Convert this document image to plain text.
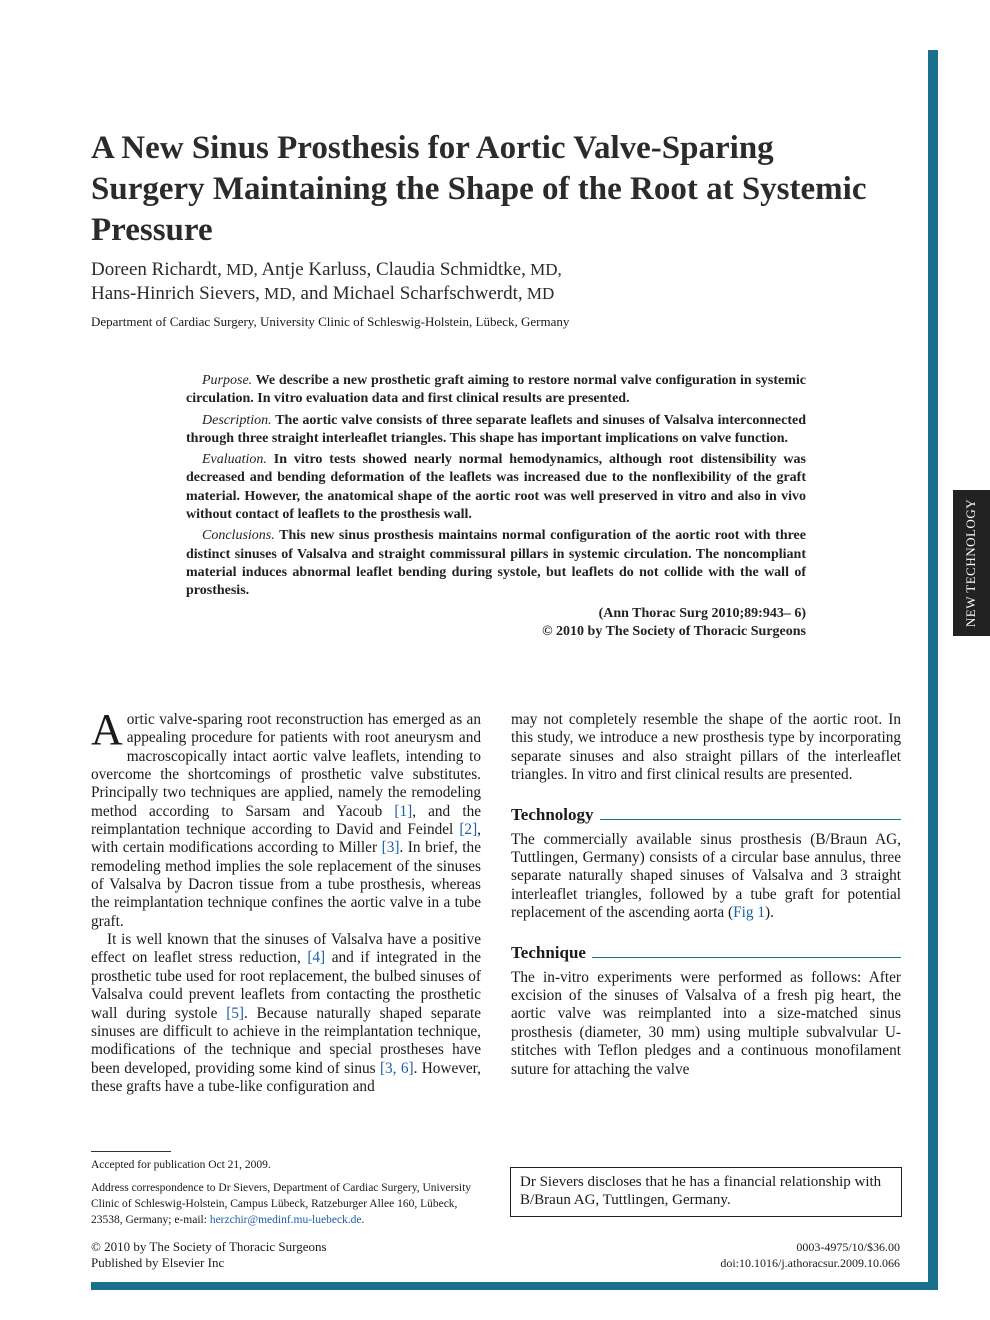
NEW TECHNOLOGY
A New Sinus Prosthesis for Aortic Valve-Sparing Surgery Maintaining the Shape of the Root at Systemic Pressure

Doreen Richardt, MD, Antje Karluss, Claudia Schmidtke, MD,
Hans-Hinrich Sievers, MD, and Michael Scharfschwerdt, MD

Department of Cardiac Surgery, University Clinic of Schleswig-Holstein, Lübeck, Germany

Purpose. We describe a new prosthetic graft aiming to restore normal valve configuration in systemic circulation. In vitro evaluation data and first clinical results are presented.

Description. The aortic valve consists of three separate leaflets and sinuses of Valsalva interconnected through three straight interleaflet triangles. This shape has important implications on valve function.

Evaluation. In vitro tests showed nearly normal hemodynamics, although root distensibility was decreased and bending deformation of the leaflets was increased due to the nonflexibility of the graft material. However, the anatomical shape of the aortic root was well preserved in vitro and also in vivo without contact of leaflets to the prosthesis wall.

Conclusions. This new sinus prosthesis maintains normal configuration of the aortic root with three distinct sinuses of Valsalva and straight commissural pillars in systemic circulation. The noncompliant material induces abnormal leaflet bending during systole, but leaflets do not collide with the wall of prosthesis.

(Ann Thorac Surg 2010;89:943– 6)
© 2010 by The Society of Thoracic Surgeons

Aortic valve-sparing root reconstruction has emerged as an appealing procedure for patients with root aneurysm and macroscopically intact aortic valve leaflets, intending to overcome the shortcomings of prosthetic valve substitutes. Principally two techniques are applied, namely the remodeling method according to Sarsam and Yacoub [1], and the reimplantation technique according to David and Feindel [2], with certain modifications according to Miller [3]. In brief, the remodeling method implies the sole replacement of the sinuses of Valsalva by Dacron tissue from a tube prosthesis, whereas the reimplantation technique confines the aortic valve in a tube graft.

It is well known that the sinuses of Valsalva have a positive effect on leaflet stress reduction, [4] and if integrated in the prosthetic tube used for root replacement, the bulbed sinuses of Valsalva could prevent leaflets from contacting the prosthetic wall during systole [5]. Because naturally shaped separate sinuses are difficult to achieve in the reimplantation technique, modifications of the technique and special prostheses have been developed, providing some kind of sinus [3, 6]. However, these grafts have a tube-like configuration and

may not completely resemble the shape of the aortic root. In this study, we introduce a new prosthesis type by incorporating separate sinuses and also straight pillars of the interleaflet triangles. In vitro and first clinical results are presented.

Technology

The commercially available sinus prosthesis (B/Braun AG, Tuttlingen, Germany) consists of a circular base annulus, three separate naturally shaped sinuses of Valsalva and 3 straight interleaflet triangles, followed by a tube graft for potential replacement of the ascending aorta (Fig 1).

Technique

The in-vitro experiments were performed as follows: After excision of the sinuses of Valsalva of a fresh pig heart, the aortic valve was reimplanted into a size-matched sinus prosthesis (diameter, 30 mm) using multiple subvalvular U-stitches with Teflon pledges and a continuous monofilament suture for attaching the valve

Accepted for publication Oct 21, 2009.

Address correspondence to Dr Sievers, Department of Cardiac Surgery, University Clinic of Schleswig-Holstein, Campus Lübeck, Ratzeburger Allee 160, Lübeck, 23538, Germany; e-mail: herzchir@medinf.mu-luebeck.de.

Dr Sievers discloses that he has a financial relationship with B/Braun AG, Tuttlingen, Germany.
© 2010 by The Society of Thoracic Surgeons
Published by Elsevier Inc
0003-4975/10/$36.00
doi:10.1016/j.athoracsur.2009.10.066
